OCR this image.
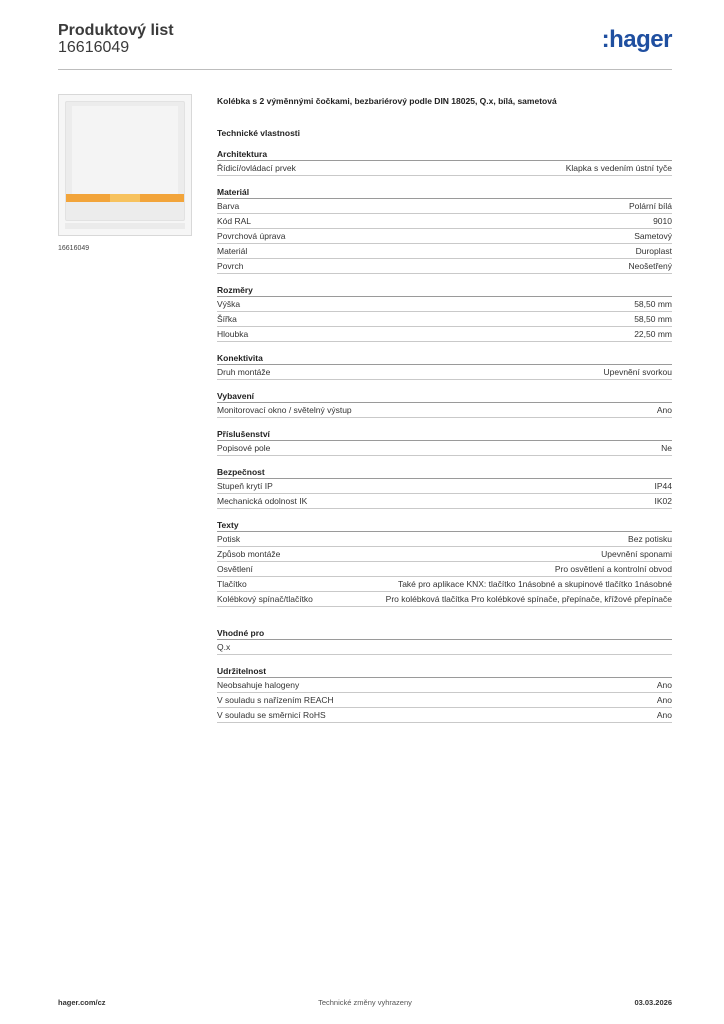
Produktový list
16616049	:hager
16616049
Kolébka s 2 výměnnými čočkami, bezbariérový podle DIN 18025, Q.x, bílá, sametová
Technické vlastnosti
Architektura
Řídicí/ovládací prvek	Klapka s vedením ústní tyče
Materiál
Barva	Polární bílá
Kód RAL	9010
Povrchová úprava	Sametový
Materiál	Duroplast
Povrch	Neošetřený
Rozměry
Výška	58,50 mm
Šířka	58,50 mm
Hloubka	22,50 mm
Konektivita
Druh montáže	Upevnění svorkou
Vybavení
Monitorovací okno / světelný výstup	Ano
Příslušenství
Popisové pole	Ne
Bezpečnost
Stupeň krytí IP	IP44
Mechanická odolnost IK	IK02
Texty
Potisk	Bez potisku
Způsob montáže	Upevnění sponami
Osvětlení	Pro osvětlení a kontrolní obvod
Tlačítko	Také pro aplikace KNX: tlačítko 1násobné a skupinové tlačítko 1násobné
Kolébkový spínač/tlačítko	Pro kolébková tlačítka Pro kolébkové spínače, přepínače, křížové přepínače
Vhodné pro
Q.x
Udržitelnost
Neobsahuje halogeny	Ano
V souladu s nařízením REACH	Ano
V souladu se směrnicí RoHS	Ano
Technické změny vyhrazeny
hager.com/cz	03.03.2026
